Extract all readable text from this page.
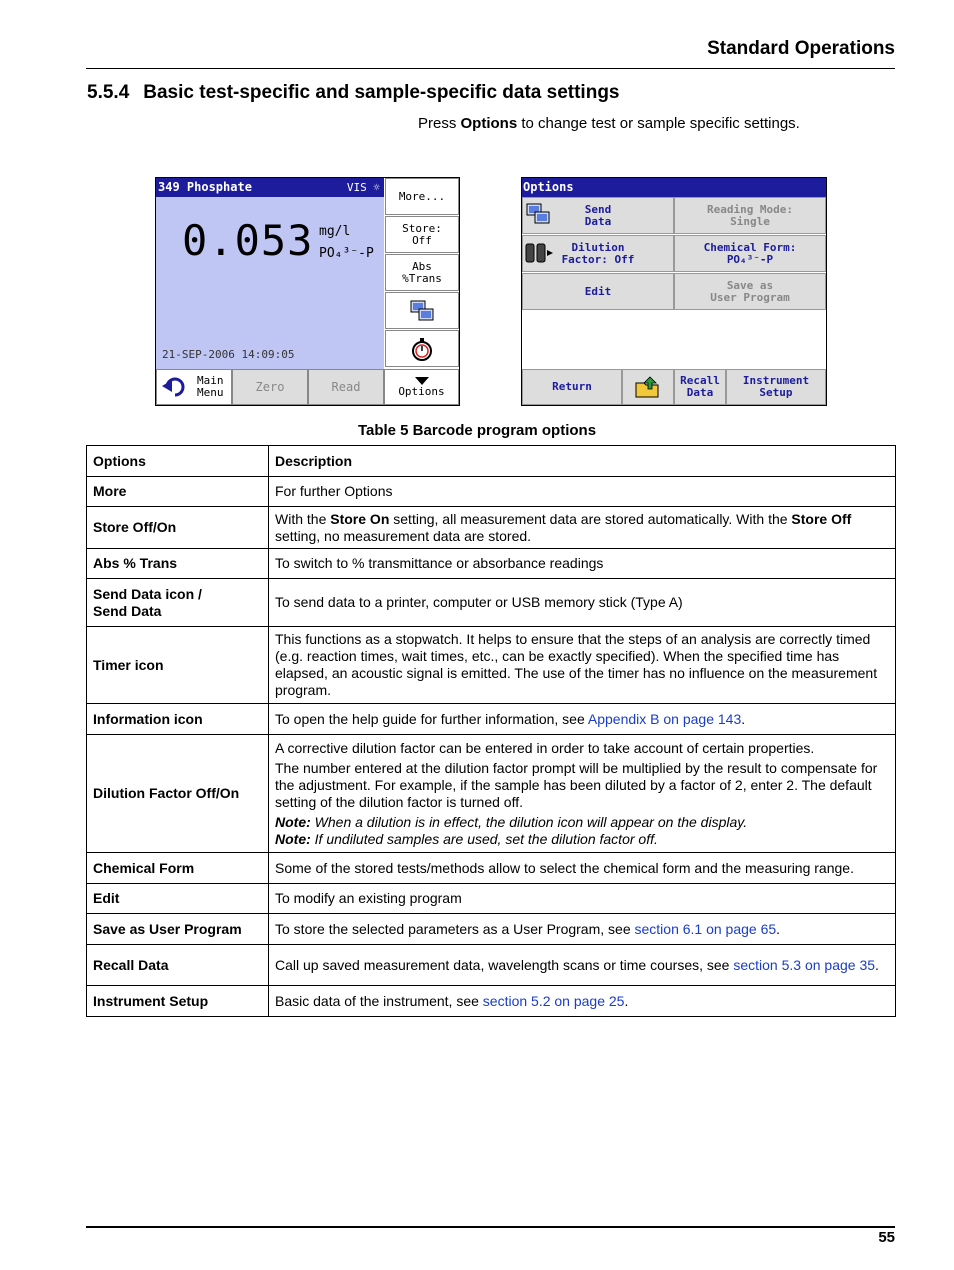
Standard Operations
5.5.4 Basic test-specific and sample-specific data settings
Press Options to change test or sample specific settings.
349 Phosphate	VIS ☼
0.053 mg/l
PO₄³⁻-P
21-SEP-2006 14:09:05
More...
Store:
Off
Abs
%Trans
Main
Menu	Zero	Read	Options
Options
Send
Data
Reading Mode:
Single
Dilution
Factor: Off
Chemical Form:
PO₄³⁻-P
Edit	Save as
User Program
Return	Recall
Data
Instrument
Setup
Table 5 Barcode program options
Options	Description
More	For further Options
Store Off/On	With the Store On setting, all measurement data are stored automatically. With the Store Off setting, no measurement data are stored.
Abs % Trans	To switch to % transmittance or absorbance readings

Send Data icon /
Send Data	To send data to a printer, computer or USB memory stick (Type A)
Timer icon	This functions as a stopwatch. It helps to ensure that the steps of an analysis are correctly timed (e.g. reaction times, wait times, etc., can be exactly specified). When the specified time has elapsed, an acoustic signal is emitted. The use of the timer has no influence on the measurement program.
Information icon	To open the help guide for further information, see Appendix B on page 143.
Dilution Factor Off/On	A corrective dilution factor can be entered in order to take account of certain properties.

The number entered at the dilution factor prompt will be multiplied by the result to compensate for the adjustment. For example, if the sample has been diluted by a factor of 2, enter 2. The default setting of the dilution factor is turned off.

Note: When a dilution is in effect, the dilution icon will appear on the display.
Note: If undiluted samples are used, set the dilution factor off.

Chemical Form	Some of the stored tests/methods allow to select the chemical form and the measuring range.
Edit	To modify an existing program
Save as User Program	To store the selected parameters as a User Program, see section 6.1 on page 65.
Recall Data	Call up saved measurement data, wavelength scans or time courses, see section 5.3 on page 35.
Instrument Setup	Basic data of the instrument, see section 5.2 on page 25.
55
